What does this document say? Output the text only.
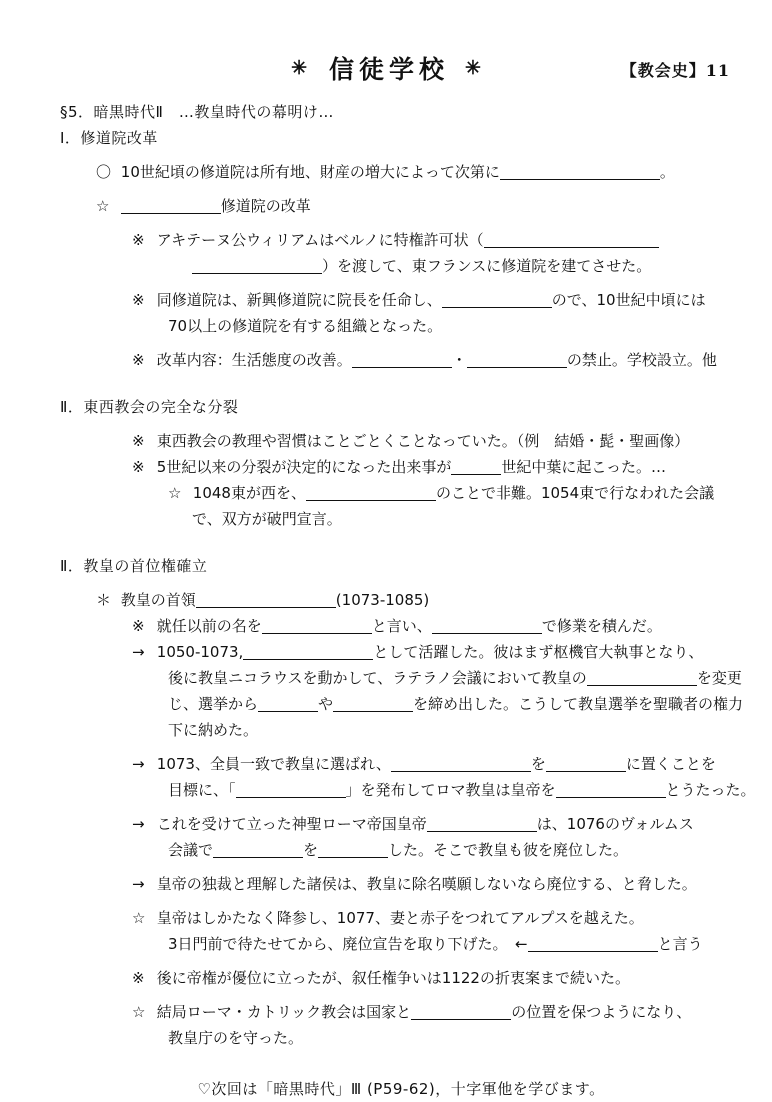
✳ 信徒学校 ✳	【教会史】11
§5．暗黒時代Ⅱ　…教皇時代の幕明け…
Ⅰ．修道院改革
〇 10世紀頃の修道院は所有地、財産の増大によって次第に	。
☆	修道院の改革
※ アキテーヌ公ウィリアムはベルノに特権許可状（
）を渡して、東フランスに修道院を建てさせた。
※ 同修道院は、新興修道院に院長を任命し、	ので、10世紀中頃には
70以上の修道院を有する組織となった。
※ 改革内容：生活態度の改善。	・	の禁止。学校設立。他
Ⅱ．東西教会の完全な分裂
※ 東西教会の教理や習慣はことごとくことなっていた。（例　結婚・髭・聖画像）
※ 5世紀以来の分裂が決定的になった出来事が	世紀中葉に起こった。…
☆ 1048東が西を、	のことで非難。1054東で行なわれた会議
で、双方が破門宣言。
Ⅱ．教皇の首位権確立
＊ 教皇の首領	(1073-1085)
※ 就任以前の名を	と言い、	で修業を積んだ。
→ 1050-1073,	として活躍した。彼はまず枢機官大執事となり、
後に教皇ニコラウスを動かして、ラテラノ会議において教皇の	を変更
じ、選挙から	や	を締め出した。こうして教皇選挙を聖職者の権力
下に納めた。
→ 1073、全員一致で教皇に選ばれ、	を	に置くことを
目標に、「	」を発布してロマ教皇は皇帝を	とうたった。
→ これを受けて立った神聖ローマ帝国皇帝	は、1076のヴォルムス
会議で	を	した。そこで教皇も彼を廃位した。
→ 皇帝の独裁と理解した諸侯は、教皇に除名嘆願しないなら廃位する、と脅した。
☆ 皇帝はしかたなく降参し、1077、妻と赤子をつれてアルプスを越えた。
3日門前で待たせてから、廃位宣告を取り下げた。　←	と言う
※ 後に帝権が優位に立ったが、叙任権争いは1122の折衷案まで続いた。
☆ 結局ローマ・カトリック教会は国家と	の位置を保つようになり、
教皇庁のを守った。
♡次回は「暗黒時代」Ⅲ (P59-62)，十字軍他を学びます。
